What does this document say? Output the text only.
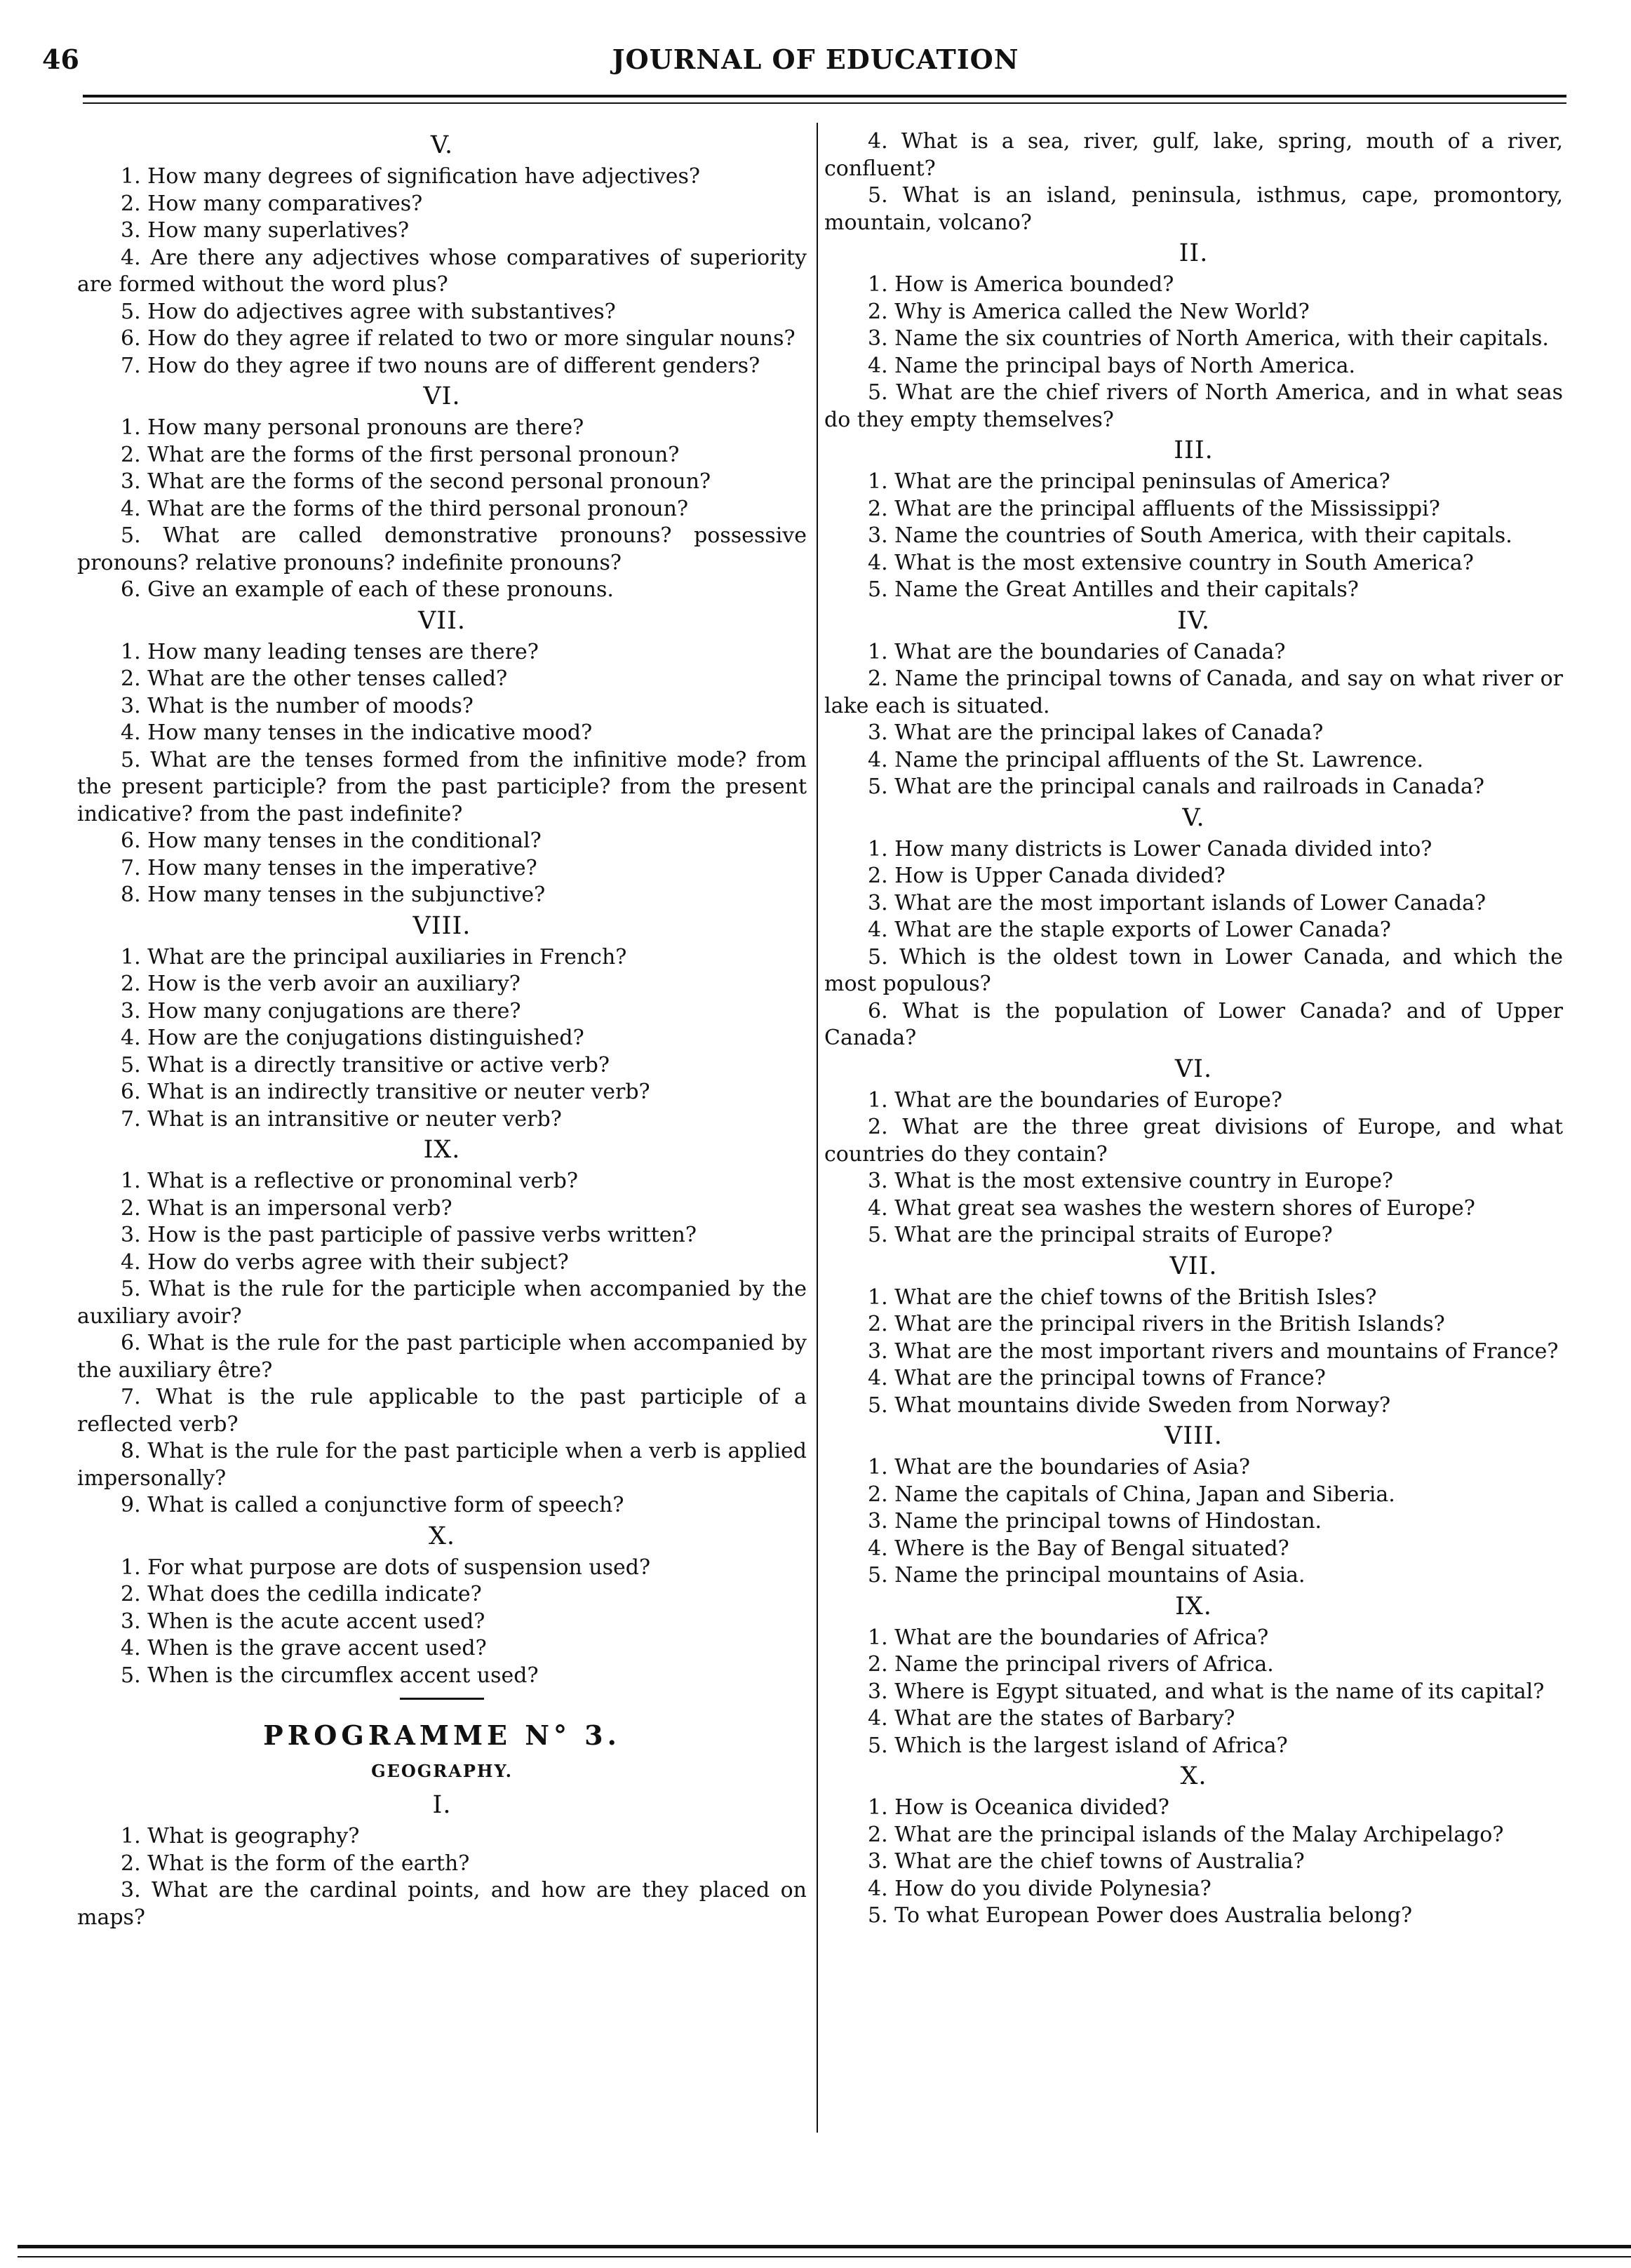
46	JOURNAL OF EDUCATION
V.

1. How many degrees of signification have adjectives?

2. How many comparatives?

3. How many superlatives?

4. Are there any adjectives whose comparatives of superiority are formed without the word plus?

5. How do adjectives agree with substantives?

6. How do they agree if related to two or more singular nouns?

7. How do they agree if two nouns are of different genders?

VI.

1. How many personal pronouns are there?

2. What are the forms of the first personal pronoun?

3. What are the forms of the second personal pronoun?

4. What are the forms of the third personal pronoun?

5. What are called demonstrative pronouns? possessive pronouns? relative pronouns? indefinite pronouns?

6. Give an example of each of these pronouns.

VII.

1. How many leading tenses are there?

2. What are the other tenses called?

3. What is the number of moods?

4. How many tenses in the indicative mood?

5. What are the tenses formed from the infinitive mode? from the present participle? from the past participle? from the present indicative? from the past indefinite?

6. How many tenses in the conditional?

7. How many tenses in the imperative?

8. How many tenses in the subjunctive?

VIII.

1. What are the principal auxiliaries in French?

2. How is the verb avoir an auxiliary?

3. How many conjugations are there?

4. How are the conjugations distinguished?

5. What is a directly transitive or active verb?

6. What is an indirectly transitive or neuter verb?

7. What is an intransitive or neuter verb?

IX.

1. What is a reflective or pronominal verb?

2. What is an impersonal verb?

3. How is the past participle of passive verbs written?

4. How do verbs agree with their subject?

5. What is the rule for the participle when accompanied by the auxiliary avoir?

6. What is the rule for the past participle when accompanied by the auxiliary être?

7. What is the rule applicable to the past participle of a reflected verb?

8. What is the rule for the past participle when a verb is applied impersonally?

9. What is called a conjunctive form of speech?

X.

1. For what purpose are dots of suspension used?

2. What does the cedilla indicate?

3. When is the acute accent used?

4. When is the grave accent used?

5. When is the circumflex accent used?

PROGRAMME N° 3.
GEOGRAPHY.
I.

1. What is geography?

2. What is the form of the earth?

3. What are the cardinal points, and how are they placed on maps?

4. What is a sea, river, gulf, lake, spring, mouth of a river, confluent?

5. What is an island, peninsula, isthmus, cape, promontory, mountain, volcano?

II.

1. How is America bounded?

2. Why is America called the New World?

3. Name the six countries of North America, with their capitals.

4. Name the principal bays of North America.

5. What are the chief rivers of North America, and in what seas do they empty themselves?

III.

1. What are the principal peninsulas of America?

2. What are the principal affluents of the Mississippi?

3. Name the countries of South America, with their capitals.

4. What is the most extensive country in South America?

5. Name the Great Antilles and their capitals?

IV.

1. What are the boundaries of Canada?

2. Name the principal towns of Canada, and say on what river or lake each is situated.

3. What are the principal lakes of Canada?

4. Name the principal affluents of the St. Lawrence.

5. What are the principal canals and railroads in Canada?

V.

1. How many districts is Lower Canada divided into?

2. How is Upper Canada divided?

3. What are the most important islands of Lower Canada?

4. What are the staple exports of Lower Canada?

5. Which is the oldest town in Lower Canada, and which the most populous?

6. What is the population of Lower Canada? and of Upper Canada?

VI.

1. What are the boundaries of Europe?

2. What are the three great divisions of Europe, and what countries do they contain?

3. What is the most extensive country in Europe?

4. What great sea washes the western shores of Europe?

5. What are the principal straits of Europe?

VII.

1. What are the chief towns of the British Isles?

2. What are the principal rivers in the British Islands?

3. What are the most important rivers and mountains of France?

4. What are the principal towns of France?

5. What mountains divide Sweden from Norway?

VIII.

1. What are the boundaries of Asia?

2. Name the capitals of China, Japan and Siberia.

3. Name the principal towns of Hindostan.

4. Where is the Bay of Bengal situated?

5. Name the principal mountains of Asia.

IX.

1. What are the boundaries of Africa?

2. Name the principal rivers of Africa.

3. Where is Egypt situated, and what is the name of its capital?

4. What are the states of Barbary?

5. Which is the largest island of Africa?

X.

1. How is Oceanica divided?

2. What are the principal islands of the Malay Archipelago?

3. What are the chief towns of Australia?

4. How do you divide Polynesia?

5. To what European Power does Australia belong?
